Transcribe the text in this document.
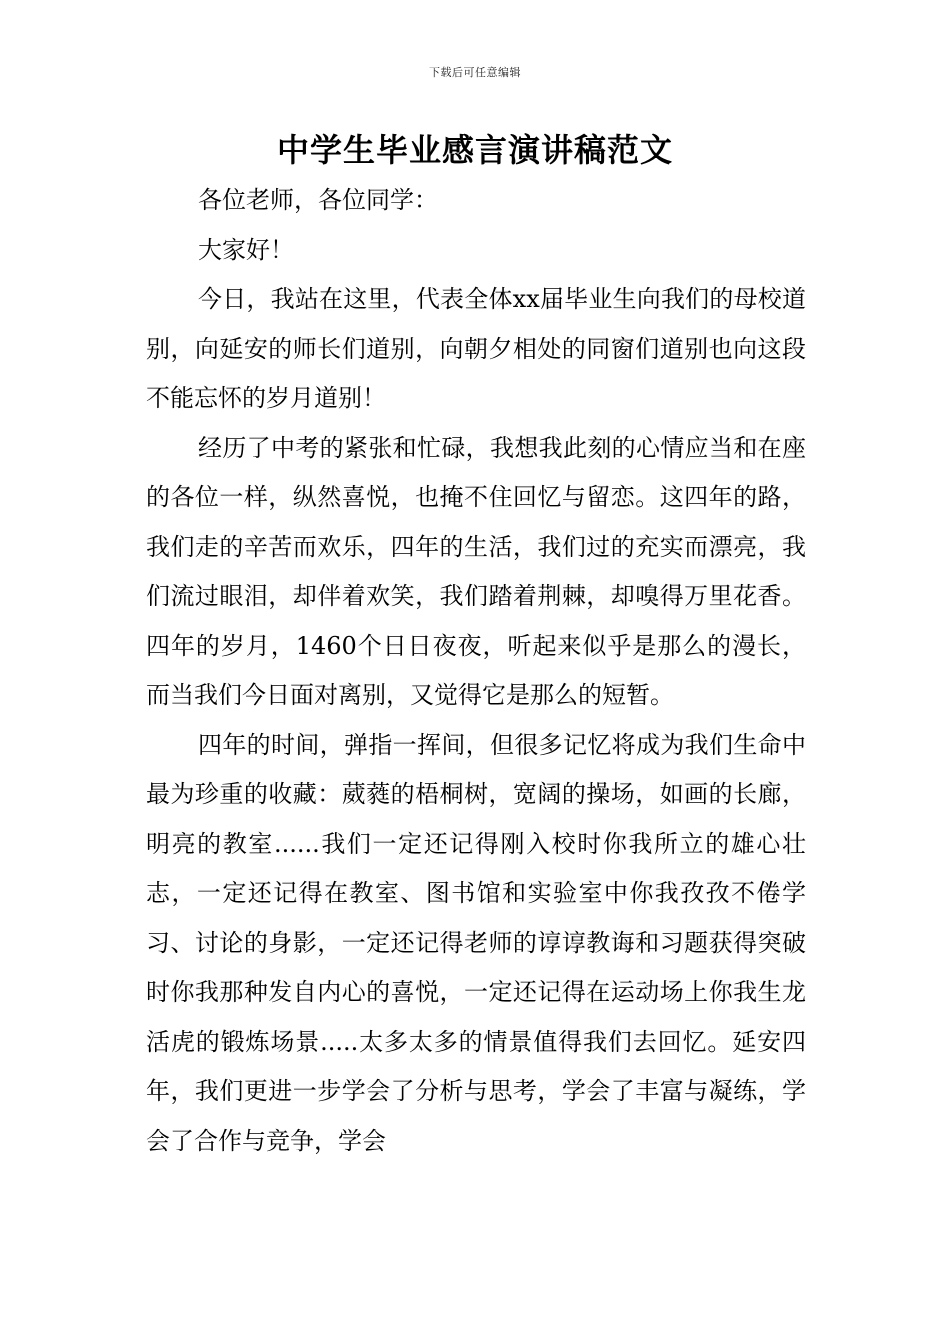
下载后可任意编辑
中学生毕业感言演讲稿范文

各位老师，各位同学：

大家好！

今日，我站在这里，代表全体xx届毕业生向我们的母校道别，向延安的师长们道别，向朝夕相处的同窗们道别也向这段不能忘怀的岁月道别！

经历了中考的紧张和忙碌，我想我此刻的心情应当和在座的各位一样，纵然喜悦，也掩不住回忆与留恋。这四年的路，我们走的辛苦而欢乐，四年的生活，我们过的充实而漂亮，我们流过眼泪，却伴着欢笑，我们踏着荆棘，却嗅得万里花香。四年的岁月，1460个日日夜夜，听起来似乎是那么的漫长，而当我们今日面对离别，又觉得它是那么的短暂。

四年的时间，弹指一挥间，但很多记忆将成为我们生命中最为珍重的收藏：葳蕤的梧桐树，宽阔的操场，如画的长廊，明亮的教室......我们一定还记得刚入校时你我所立的雄心壮志，一定还记得在教室、图书馆和实验室中你我孜孜不倦学习、讨论的身影，一定还记得老师的谆谆教诲和习题获得突破时你我那种发自内心的喜悦，一定还记得在运动场上你我生龙活虎的锻炼场景.....太多太多的情景值得我们去回忆。延安四年，我们更进一步学会了分析与思考，学会了丰富与凝练，学会了合作与竞争，学会
